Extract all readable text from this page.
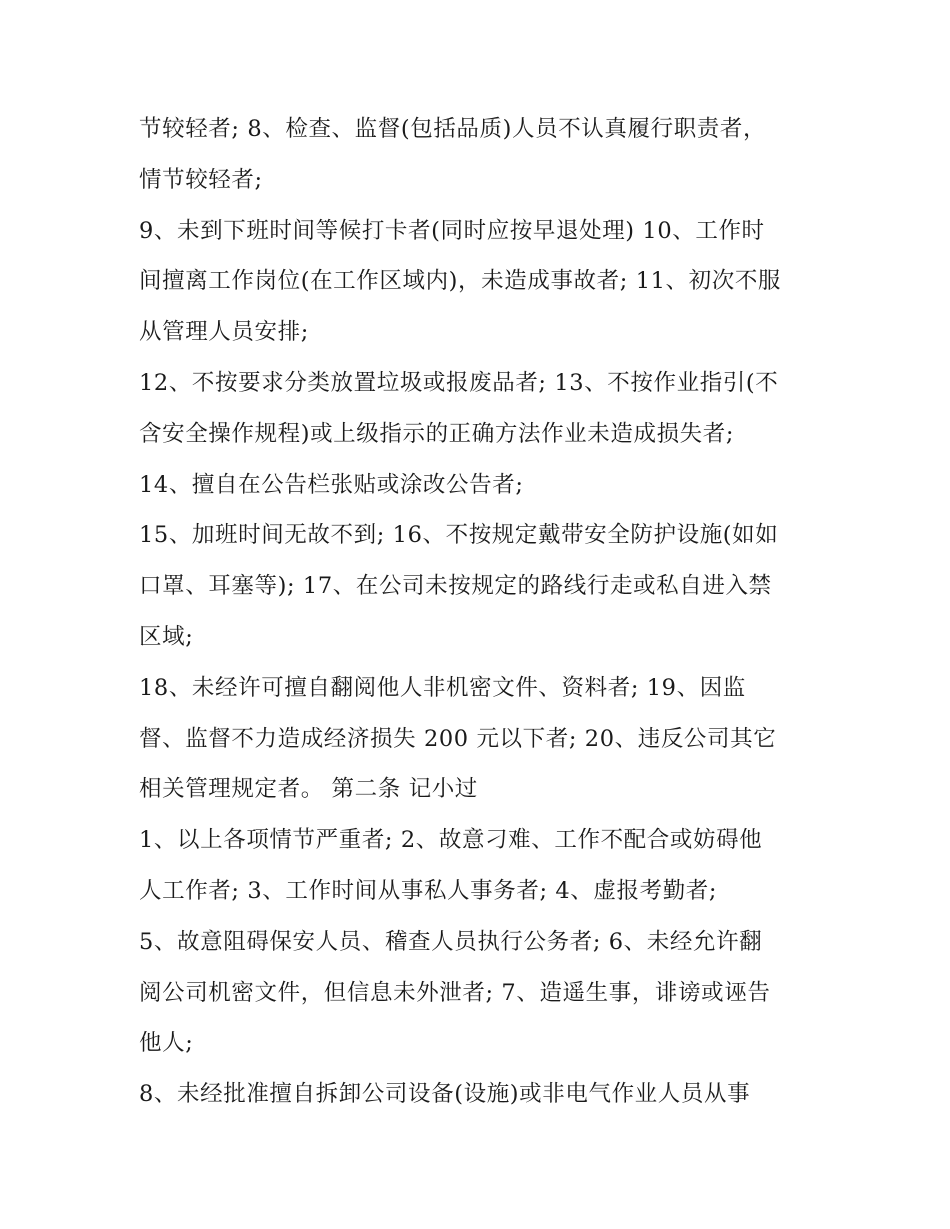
节较轻者; 8、检查、监督(包括品质)人员不认真履行职责者，
情节较轻者;
9、未到下班时间等候打卡者(同时应按早退处理) 10、工作时
间擅离工作岗位(在工作区域内)，未造成事故者; 11、初次不服
从管理人员安排;
12、不按要求分类放置垃圾或报废品者; 13、不按作业指引(不
含安全操作规程)或上级指示的正确方法作业未造成损失者;
14、擅自在公告栏张贴或涂改公告者;
15、加班时间无故不到; 16、不按规定戴带安全防护设施(如如
口罩、耳塞等); 17、在公司未按规定的路线行走或私自进入禁
区域;
18、未经许可擅自翻阅他人非机密文件、资料者; 19、因监
督、监督不力造成经济损失 200 元以下者; 20、违反公司其它
相关管理规定者。 第二条 记小过
1、以上各项情节严重者; 2、故意刁难、工作不配合或妨碍他
人工作者; 3、工作时间从事私人事务者; 4、虚报考勤者;
5、故意阻碍保安人员、稽查人员执行公务者; 6、未经允许翻
阅公司机密文件，但信息未外泄者; 7、造遥生事，诽谤或诬告
他人;
8、未经批准擅自拆卸公司设备(设施)或非电气作业人员从事
